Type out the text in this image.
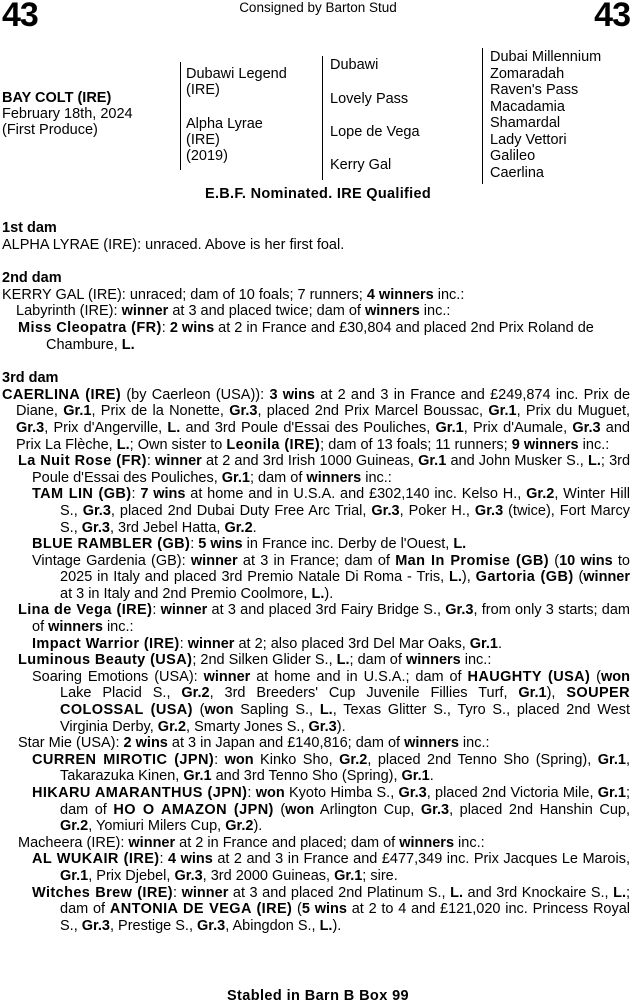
43	Consigned by Barton Stud	43
BAY COLT (IRE)
February 18th, 2024
(First Produce)
Dubawi Legend
(IRE)
Alpha Lyrae
(IRE)
(2019)
Dubawi
Lovely Pass
Lope de Vega
Kerry Gal
Dubai Millennium
Zomaradah
Raven's Pass
Macadamia
Shamardal
Lady Vettori
Galileo
Caerlina
E.B.F. Nominated. IRE Qualified

1st dam

ALPHA LYRAE (IRE): unraced. Above is her first foal.

2nd dam

KERRY GAL (IRE): unraced; dam of 10 foals; 7 runners; 4 winners inc.:

Labyrinth (IRE): winner at 3 and placed twice; dam of winners inc.:

Miss Cleopatra (FR): 2 wins at 2 in France and £30,804 and placed 2nd Prix Roland de Chambure, L.

3rd dam

CAERLINA (IRE) (by Caerleon (USA)): 3 wins at 2 and 3 in France and £249,874 inc. Prix de Diane, Gr.1, Prix de la Nonette, Gr.3, placed 2nd Prix Marcel Boussac, Gr.1, Prix du Muguet, Gr.3, Prix d'Angerville, L. and 3rd Poule d'Essai des Pouliches, Gr.1, Prix d'Aumale, Gr.3 and Prix La Flèche, L.; Own sister to Leonila (IRE); dam of 13 foals; 11 runners; 9 winners inc.:

La Nuit Rose (FR): winner at 2 and 3rd Irish 1000 Guineas, Gr.1 and John Musker S., L.; 3rd Poule d'Essai des Pouliches, Gr.1; dam of winners inc.:

TAM LIN (GB): 7 wins at home and in U.S.A. and £302,140 inc. Kelso H., Gr.2, Winter Hill S., Gr.3, placed 2nd Dubai Duty Free Arc Trial, Gr.3, Poker H., Gr.3 (twice), Fort Marcy S., Gr.3, 3rd Jebel Hatta, Gr.2.

BLUE RAMBLER (GB): 5 wins in France inc. Derby de l'Ouest, L.

Vintage Gardenia (GB): winner at 3 in France; dam of Man In Promise (GB) (10 wins to 2025 in Italy and placed 3rd Premio Natale Di Roma - Tris, L.), Gartoria (GB) (winner at 3 in Italy and 2nd Premio Coolmore, L.).

Lina de Vega (IRE): winner at 3 and placed 3rd Fairy Bridge S., Gr.3, from only 3 starts; dam of winners inc.:

Impact Warrior (IRE): winner at 2; also placed 3rd Del Mar Oaks, Gr.1.

Luminous Beauty (USA); 2nd Silken Glider S., L.; dam of winners inc.:

Soaring Emotions (USA): winner at home and in U.S.A.; dam of HAUGHTY (USA) (won Lake Placid S., Gr.2, 3rd Breeders' Cup Juvenile Fillies Turf, Gr.1), SOUPER COLOSSAL (USA) (won Sapling S., L., Texas Glitter S., Tyro S., placed 2nd West Virginia Derby, Gr.2, Smarty Jones S., Gr.3).

Star Mie (USA): 2 wins at 3 in Japan and £140,816; dam of winners inc.:

CURREN MIROTIC (JPN): won Kinko Sho, Gr.2, placed 2nd Tenno Sho (Spring), Gr.1, Takarazuka Kinen, Gr.1 and 3rd Tenno Sho (Spring), Gr.1.

HIKARU AMARANTHUS (JPN): won Kyoto Himba S., Gr.3, placed 2nd Victoria Mile, Gr.1; dam of HO O AMAZON (JPN) (won Arlington Cup, Gr.3, placed 2nd Hanshin Cup, Gr.2, Yomiuri Milers Cup, Gr.2).

Macheera (IRE): winner at 2 in France and placed; dam of winners inc.:

AL WUKAIR (IRE): 4 wins at 2 and 3 in France and £477,349 inc. Prix Jacques Le Marois, Gr.1, Prix Djebel, Gr.3, 3rd 2000 Guineas, Gr.1; sire.

Witches Brew (IRE): winner at 3 and placed 2nd Platinum S., L. and 3rd Knockaire S., L.; dam of ANTONIA DE VEGA (IRE) (5 wins at 2 to 4 and £121,020 inc. Princess Royal S., Gr.3, Prestige S., Gr.3, Abingdon S., L.).

Stabled in Barn B Box 99
